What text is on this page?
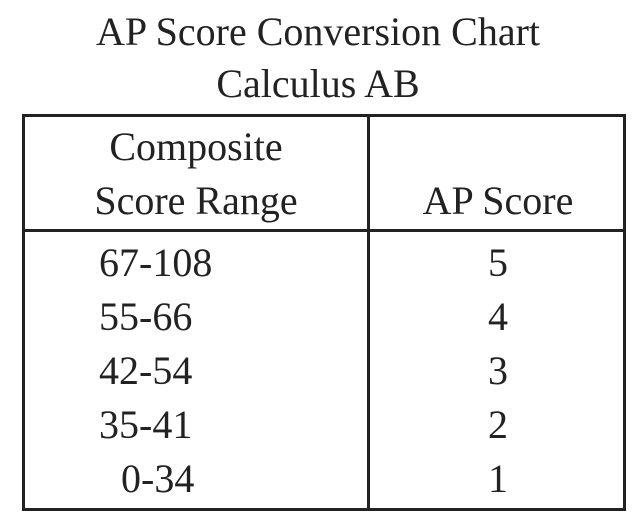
AP Score Conversion Chart
Calculus AB
Composite
Score Range	AP Score
67-108	5
55-66	4
42-54	3
35-41	2
0-34	1
